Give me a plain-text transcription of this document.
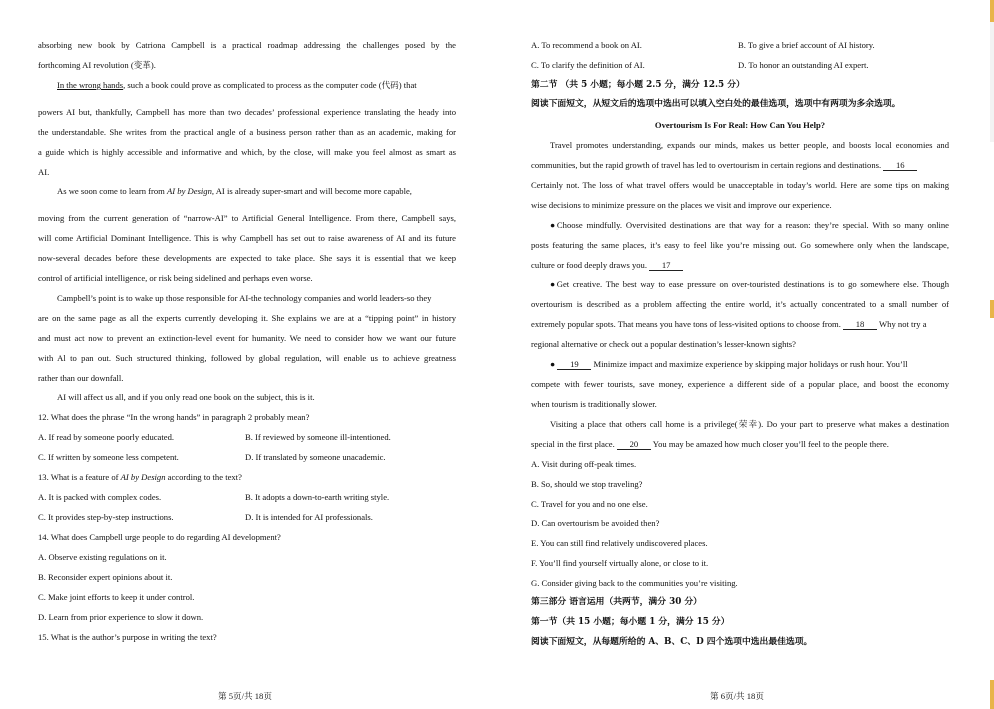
absorbing new book by Catriona Campbell is a practical roadmap addressing the challenges posed by the
forthcoming AI revolution (变革).
In the wrong hands, such a book could prove as complicated to process as the computer code (代码) that
powers AI but, thankfully, Campbell has more than two decades’ professional experience translating the heady into
the understandable. She writes from the practical angle of a business person rather than as an academic, making for
a guide which is highly accessible and informative and which, by the close, will make you feel almost as smart as
AI.
As we soon come to learn from AI by Design, AI is already super-smart and will become more capable,
moving from the current generation of “narrow-AI” to Artificial General Intelligence. From there, Campbell says,
will come Artificial Dominant Intelligence. This is why Campbell has set out to raise awareness of AI and its future
now-several decades before these developments are expected to take place. She says it is essential that we keep
control of artificial intelligence, or risk being sidelined and perhaps even worse.
Campbell’s point is to wake up those responsible for AI-the technology companies and world leaders-so they
are on the same page as all the experts currently developing it. She explains we are at a “tipping point” in history
and must act now to prevent an extinction-level event for humanity. We need to consider how we want our future
with Al to pan out. Such structured thinking, followed by global regulation, will enable us to achieve greatness
rather than our downfall.
AI will affect us all, and if you only read one book on the subject, this is it.
12. What does the phrase “In the wrong hands” in paragraph 2 probably mean?
A. If read by someone poorly educated.	B. If reviewed by someone ill-intentioned.
C. If written by someone less competent.	D. If translated by someone unacademic.
13. What is a feature of AI by Design according to the text?
A. It is packed with complex codes.	B. It adopts a down-to-earth writing style.
C. It provides step-by-step instructions.	D. It is intended for AI professionals.
14. What does Campbell urge people to do regarding AI development?
A. Observe existing regulations on it.
B. Reconsider expert opinions about it.
C. Make joint efforts to keep it under control.
D. Learn from prior experience to slow it down.
15. What is the author’s purpose in writing the text?
A. To recommend a book on AI.	B. To give a brief account of AI history.
C. To clarify the definition of AI.	D. To honor an outstanding AI expert.
第二节 （共 5 小题；每小题 2.5 分，满分 12.5 分）
阅读下面短文，从短文后的选项中选出可以填入空白处的最佳选项，选项中有两项为多余选项。
Overtourism Is For Real: How Can You Help?
Travel promotes understanding, expands our minds, makes us better people, and boosts local economies and
communities, but the rapid growth of travel has led to overtourism in certain regions and destinations. 16
Certainly not. The loss of what travel offers would be unacceptable in today’s world. Here are some tips on making
wise decisions to minimize pressure on the places we visit and improve our experience.
●Choose mindfully. Overvisited destinations are that way for a reason: they’re special. With so many online
posts featuring the same places, it’s easy to feel like you’re missing out. Go somewhere only when the landscape,
culture or food deeply draws you. 17
●Get creative. The best way to ease pressure on over-touristed destinations is to go somewhere else. Though
overtourism is described as a problem affecting the entire world, it’s actually concentrated to a small number of
extremely popular spots. That means you have tons of less-visited options to choose from. 18 Why not try a
regional alternative or check out a popular destination’s lesser-known sights?
● 19 Minimize impact and maximize experience by skipping major holidays or rush hour. You’ll
compete with fewer tourists, save money, experience a different side of a popular place, and boost the economy
when tourism is traditionally slower.
Visiting a place that others call home is a privilege(荣幸). Do your part to preserve what makes a destination
special in the first place. 20 You may be amazed how much closer you’ll feel to the people there.
A. Visit during off-peak times.
B. So, should we stop traveling?
C. Travel for you and no one else.
D. Can overtourism be avoided then?
E. You can still find relatively undiscovered places.
F. You’ll find yourself virtually alone, or close to it.
G. Consider giving back to the communities you’re visiting.
第三部分 语言运用（共两节，满分 30 分）
第一节（共 15 小题；每小题 1 分，满分 15 分）
阅读下面短文，从每题所给的 A、B、C、D 四个选项中选出最佳选项。
第 5页/共 18页	第 6页/共 18页
